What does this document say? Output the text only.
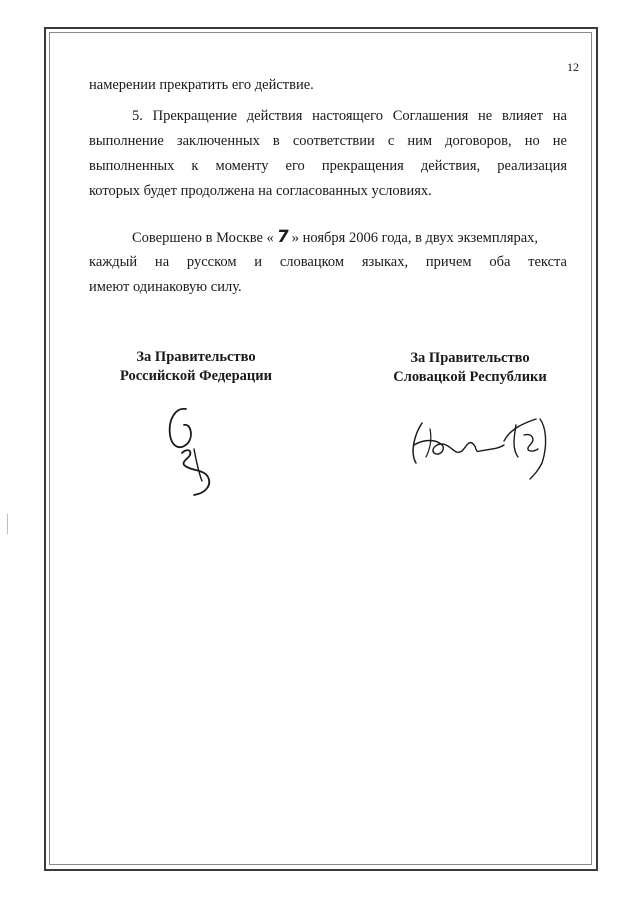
12
намерении прекратить его действие.
5. Прекращение действия настоящего Соглашения не влияет на
выполнение заключенных в соответствии с ним договоров, но не
выполненных к моменту его прекращения действия, реализация
которых будет продолжена на согласованных условиях.
Совершено в Москве «7 » ноября 2006 года, в двух экземплярах,
каждый на русском и словацком языках, причем оба текста
имеют одинаковую силу.
За Правительство
Российской Федерации
За Правительство
Словацкой Республики
